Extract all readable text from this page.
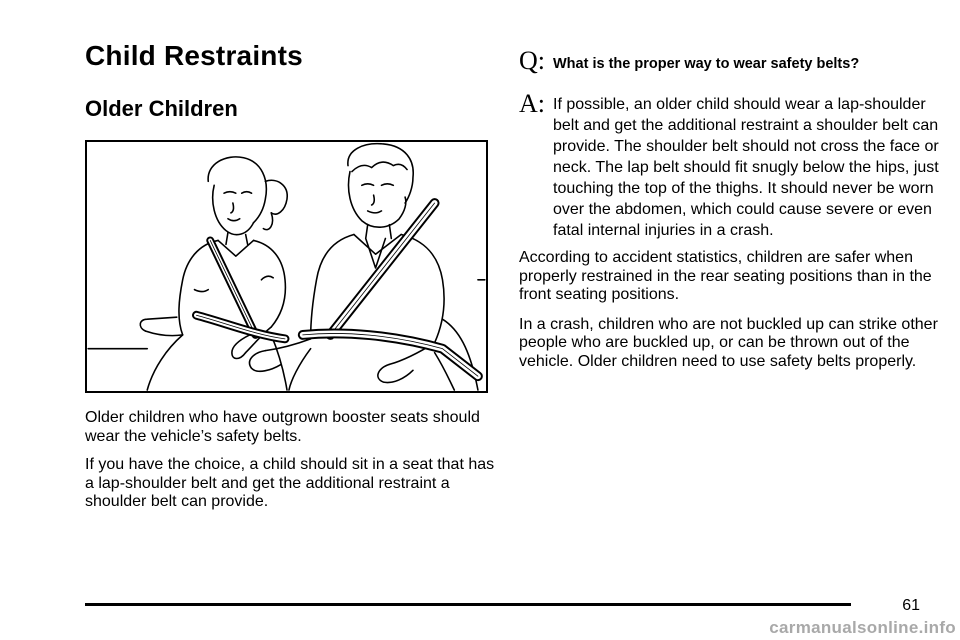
Child Restraints
Older Children

Older children who have outgrown booster seats should wear the vehicle’s safety belts.

If you have the choice, a child should sit in a seat that has a lap-shoulder belt and get the additional restraint a shoulder belt can provide.

Q: What is the proper way to wear safety belts?

A: If possible, an older child should wear a lap-shoulder belt and get the additional restraint a shoulder belt can provide. The shoulder belt should not cross the face or neck. The lap belt should fit snugly below the hips, just touching the top of the thighs. It should never be worn over the abdomen, which could cause severe or even fatal internal injuries in a crash.

According to accident statistics, children are safer when properly restrained in the rear seating positions than in the front seating positions.

In a crash, children who are not buckled up can strike other people who are buckled up, or can be thrown out of the vehicle. Older children need to use safety belts properly.

61
carmanualsonline.info
